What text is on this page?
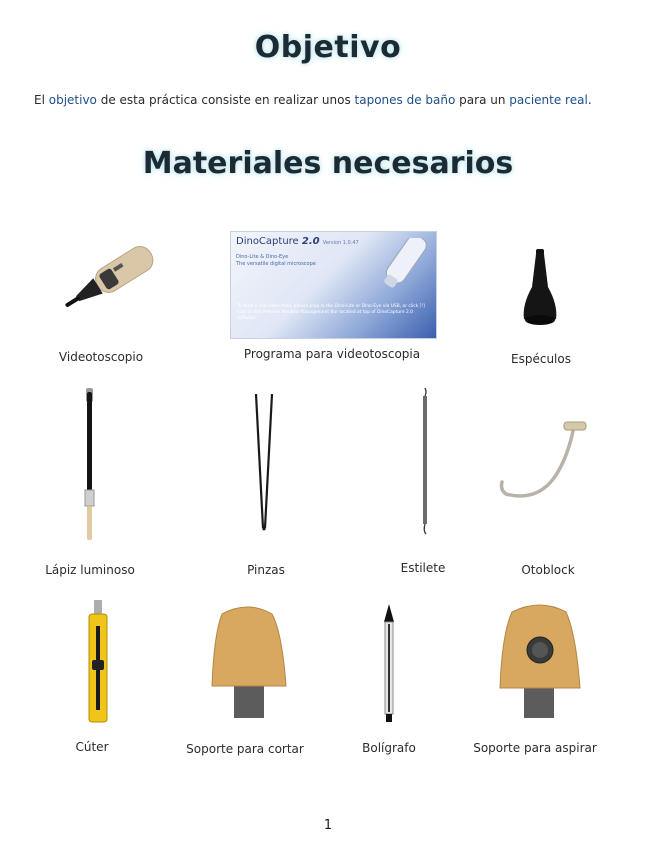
Objetivo
El objetivo de esta práctica consiste en realizar unos tapones de baño para un paciente real.
Materiales necesarios
DinoCapture 2.0 Version 1.0.47
Dino-Lite & Dino-Eye
The versatile digital microscope
To start a live video feed, please plug in the Dino-Lite or Dino-Eye via USB, or click [!] icon on the Preview Window Management Bar located at top of DinoCapture 2.0 software.
Videotoscopio	Programa para videotoscopia	Espéculos
Lápiz luminoso	Pinzas	Estilete	Otoblock
Cúter	Soporte para cortar	Bolígrafo	Soporte para aspirar
1
